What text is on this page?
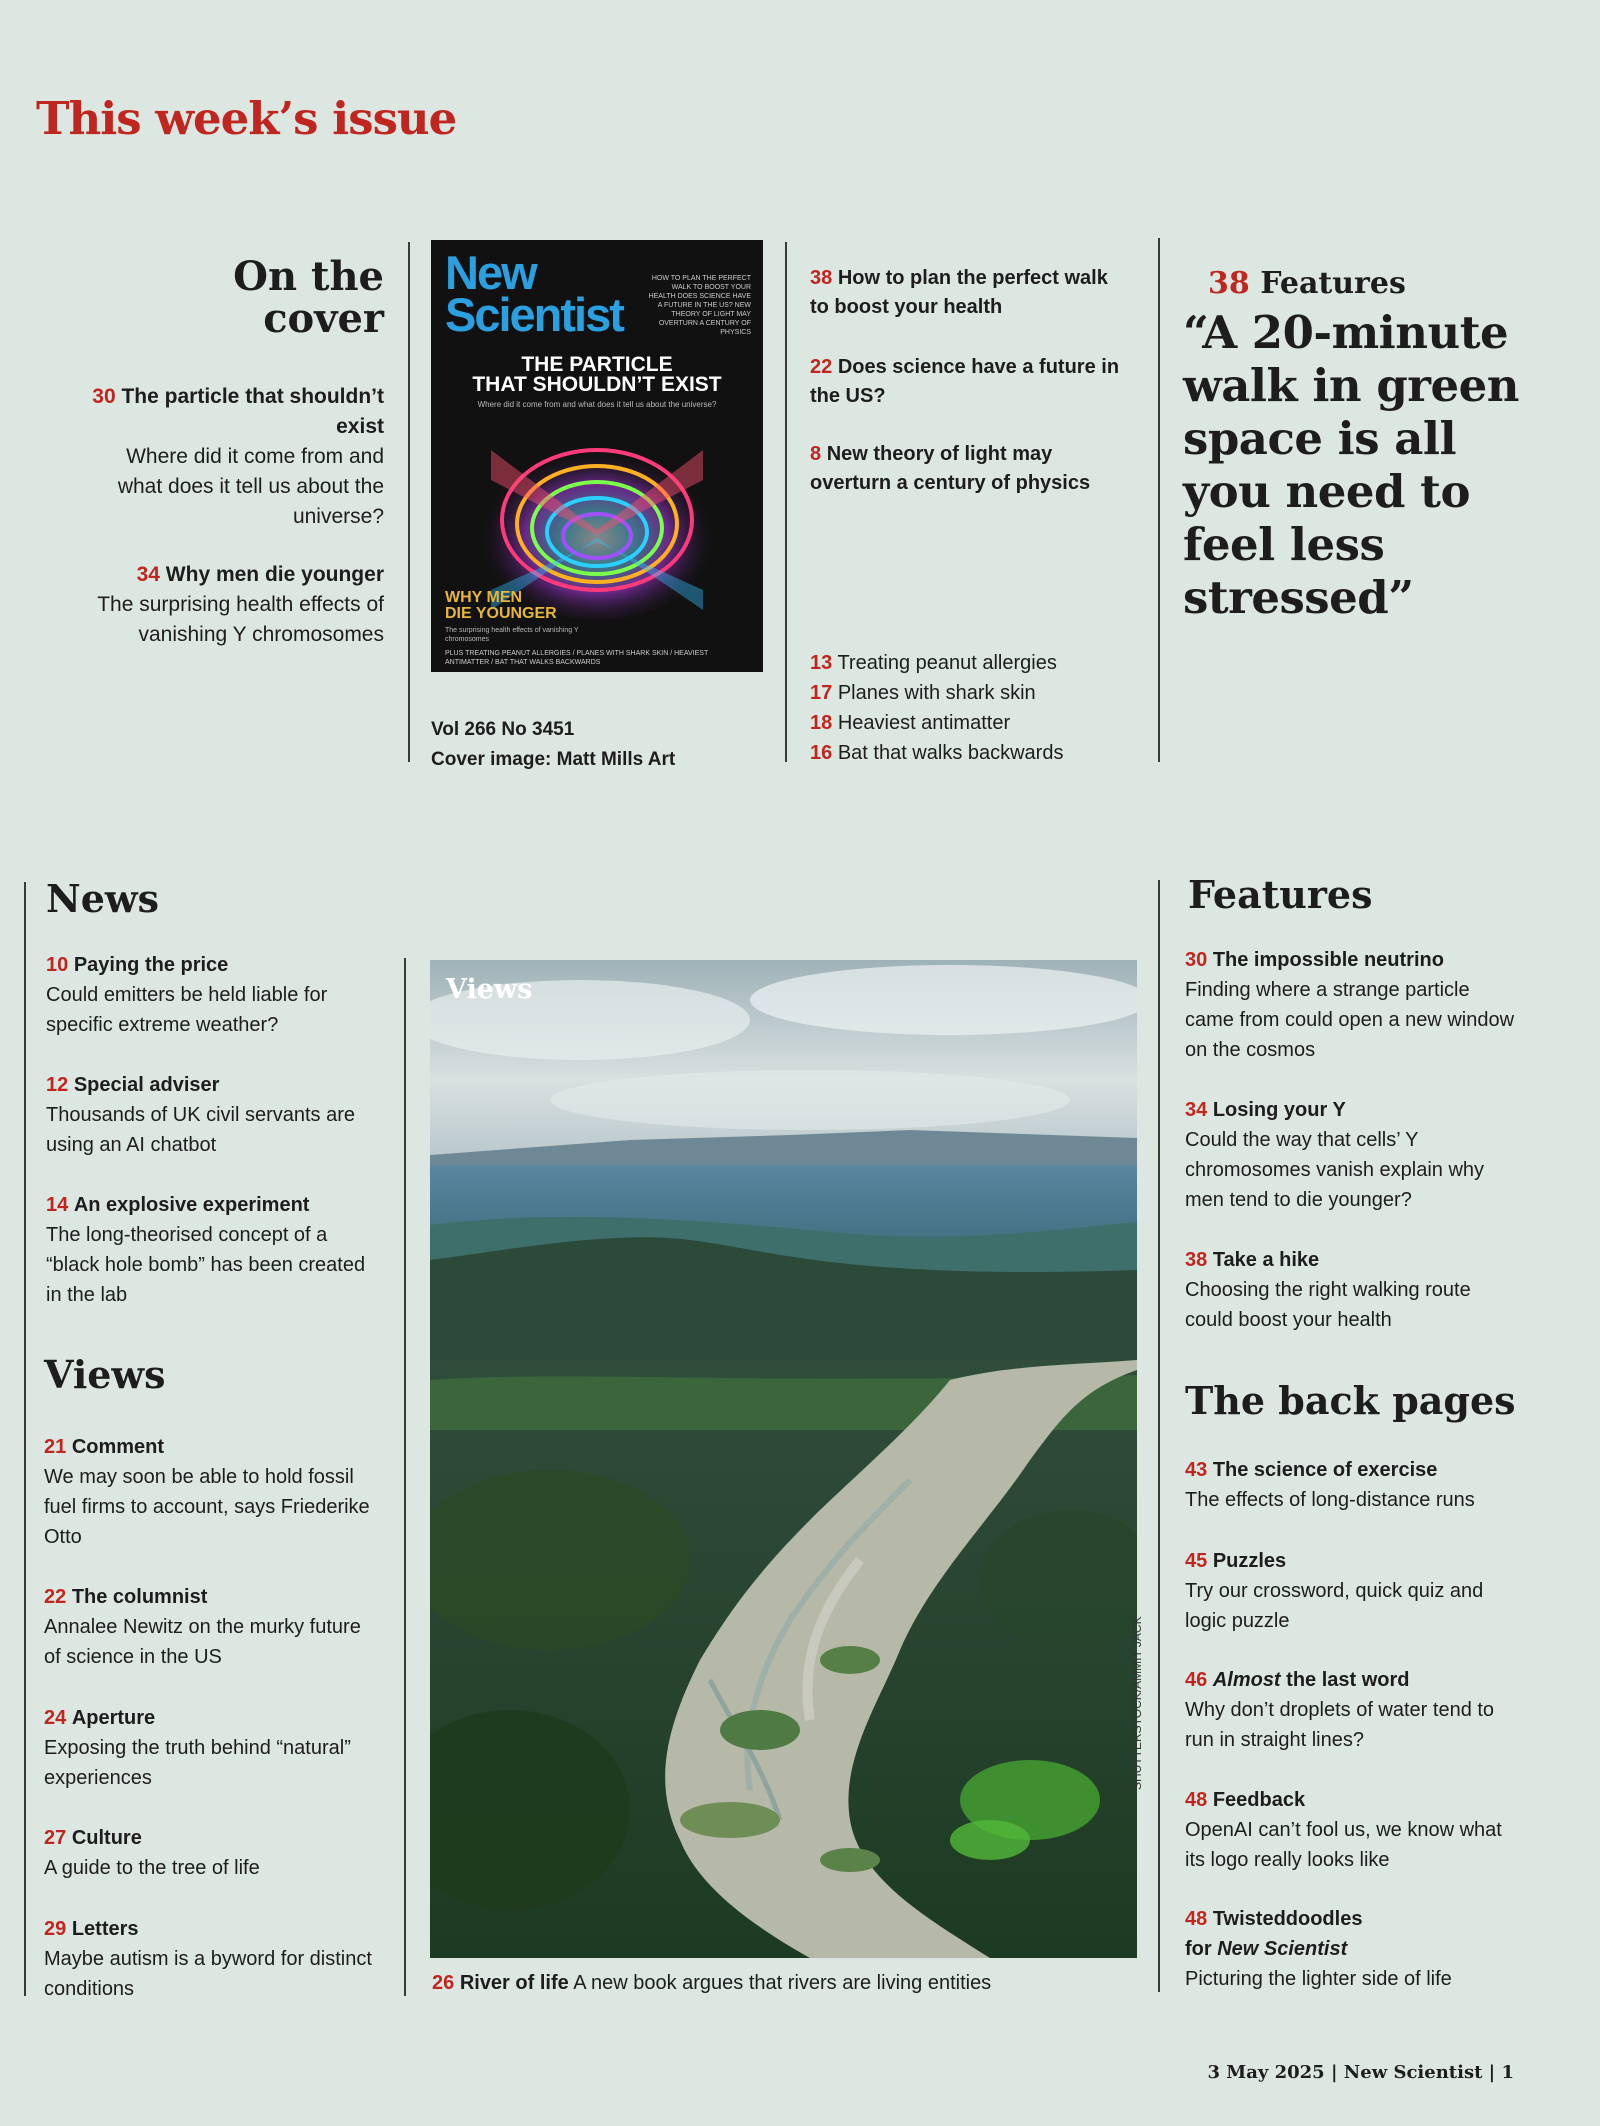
This week’s issue
On the cover
30 The particle that shouldn’t exist
Where did it come from and what does it tell us about the universe?
34 Why men die younger
The surprising health effects of vanishing Y chromosomes
New
Scientist
HOW TO PLAN THE PERFECT WALK TO BOOST YOUR HEALTH DOES SCIENCE HAVE A FUTURE IN THE US? NEW THEORY OF LIGHT MAY OVERTURN A CENTURY OF PHYSICS
THE PARTICLE
THAT SHOULDN’T EXIST
Where did it come from and what does it tell us about the universe?
WHY MEN
DIE YOUNGER
The surprising health effects of vanishing Y chromosomes
PLUS TREATING PEANUT ALLERGIES / PLANES WITH SHARK SKIN / HEAVIEST ANTIMATTER / BAT THAT WALKS BACKWARDS
Vol 266 No 3451
Cover image: Matt Mills Art
38 How to plan the perfect walk to boost your health
22 Does science have a future in the US?
8 New theory of light may overturn a century of physics
13 Treating peanut allergies
17 Planes with shark skin
18 Heaviest antimatter
16 Bat that walks backwards
38 Features
“A 20-minute walk in green space is all you need to feel less stressed”
News
10 Paying the price
Could emitters be held liable for specific extreme weather?
12 Special adviser
Thousands of UK civil servants are using an AI chatbot
14 An explosive experiment
The long-theorised concept of a “black hole bomb” has been created in the lab
Views
21 Comment
We may soon be able to hold fossil fuel firms to account, says Friederike Otto
22 The columnist
Annalee Newitz on the murky future of science in the US
24 Aperture
Exposing the truth behind “natural” experiences
27 Culture
A guide to the tree of life
29 Letters
Maybe autism is a byword for distinct conditions
Views
SHUTTERSTOCK/AMMIT JACK
26 River of life A new book argues that rivers are living entities
Features
30 The impossible neutrino
Finding where a strange particle came from could open a new window on the cosmos
34 Losing your Y
Could the way that cells’ Y chromosomes vanish explain why men tend to die younger?
38 Take a hike
Choosing the right walking route could boost your health
The back pages
43 The science of exercise
The effects of long-distance runs
45 Puzzles
Try our crossword, quick quiz and logic puzzle
46 Almost the last word
Why don’t droplets of water tend to run in straight lines?
48 Feedback
OpenAI can’t fool us, we know what its logo really looks like
48 Twisteddoodles
for New Scientist
Picturing the lighter side of life
3 May 2025 | New Scientist | 1
